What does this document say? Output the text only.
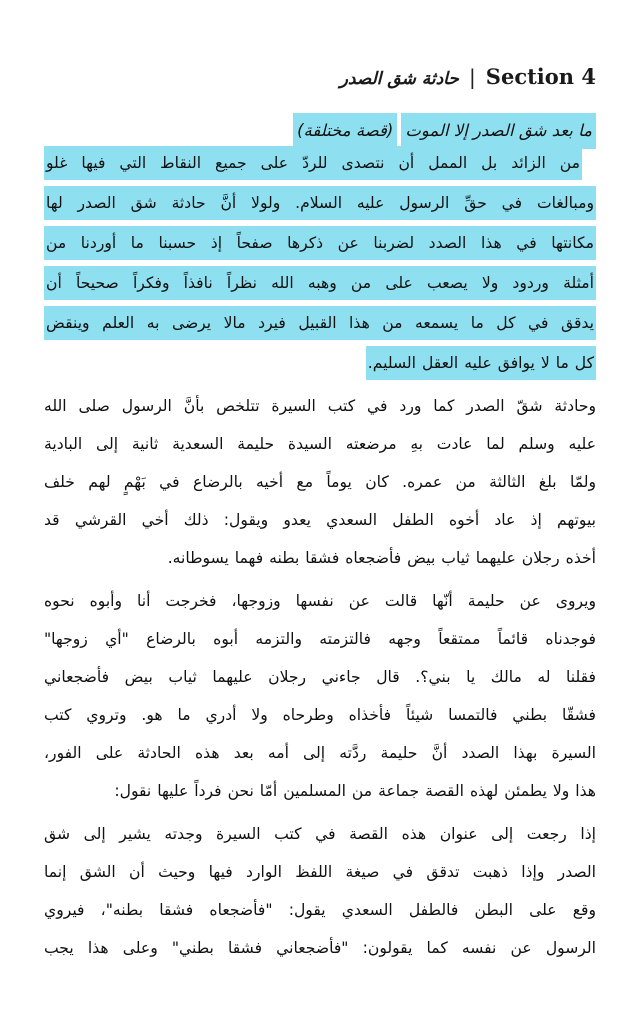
Section 4 | حادثة شق الصدر
ما بعد شق الصدر إلا الموت(قصة مختلقة)
من الزائد بل الممل أن نتصدى للردّ على جميع النقاط التي فيها غلو
ومبالغات في حقِّ الرسول عليه السلام. ولولا أنَّ حادثة شق الصدر لها
مكانتها في هذا الصدد لضربنا عن ذكرها صفحاً إذ حسبنا ما أوردنا من
أمثلة وردود ولا يصعب على من وهبه الله نظراً نافذاً وفكراً صحيحاً أن
يدقق في كل ما يسمعه من هذا القبيل فيرد مالا يرضى به العلم وينقض
كل ما لا يوافق عليه العقل السليم.
وحادثة شقّ الصدر كما ورد في كتب السيرة تتلخص بأنَّ الرسول صلى الله
عليه وسلم لما عادت بهِ مرضعته السيدة حليمة السعدية ثانية إلى البادية
ولمّا بلغ الثالثة من عمره. كان يوماً مع أخيه بالرضاع في بَهْمٍ لهم خلف
بيوتهم إذ عاد أخوه الطفل السعدي يعدو ويقول: ذلك أخي القرشي قد
أخذه رجلان عليهما ثياب بيض فأضجعاه فشقا بطنه فهما يسوطانه.
ويروى عن حليمة أنّها قالت عن نفسها وزوجها، فخرجت أنا وأبوه نحوه
فوجدناه قائماً ممتقعاً وجهه فالتزمته والتزمه أبوه بالرضاع "أي زوجها"
فقلنا له مالك يا بني؟. قال جاءني رجلان عليهما ثياب بيض فأضجعاني
فشقّا بطني فالتمسا شيئاً فأخذاه وطرحاه ولا أدري ما هو. وتروي كتب
السيرة بهذا الصدد أنَّ حليمة ردَّته إلى أمه بعد هذه الحادثة على الفور،
هذا ولا يطمئن لهذه القصة جماعة من المسلمين أمّا نحن فرداً عليها نقول:
إذا رجعت إلى عنوان هذه القصة في كتب السيرة وجدته يشير إلى شق
الصدر وإذا ذهبت تدقق في صيغة اللفظ الوارد فيها وحيث أن الشق إنما
وقع على البطن فالطفل السعدي يقول: "فأضجعاه فشقا بطنه"، فيروي
الرسول عن نفسه كما يقولون: "فأضجعاني فشقا بطني" وعلى هذا يجب
